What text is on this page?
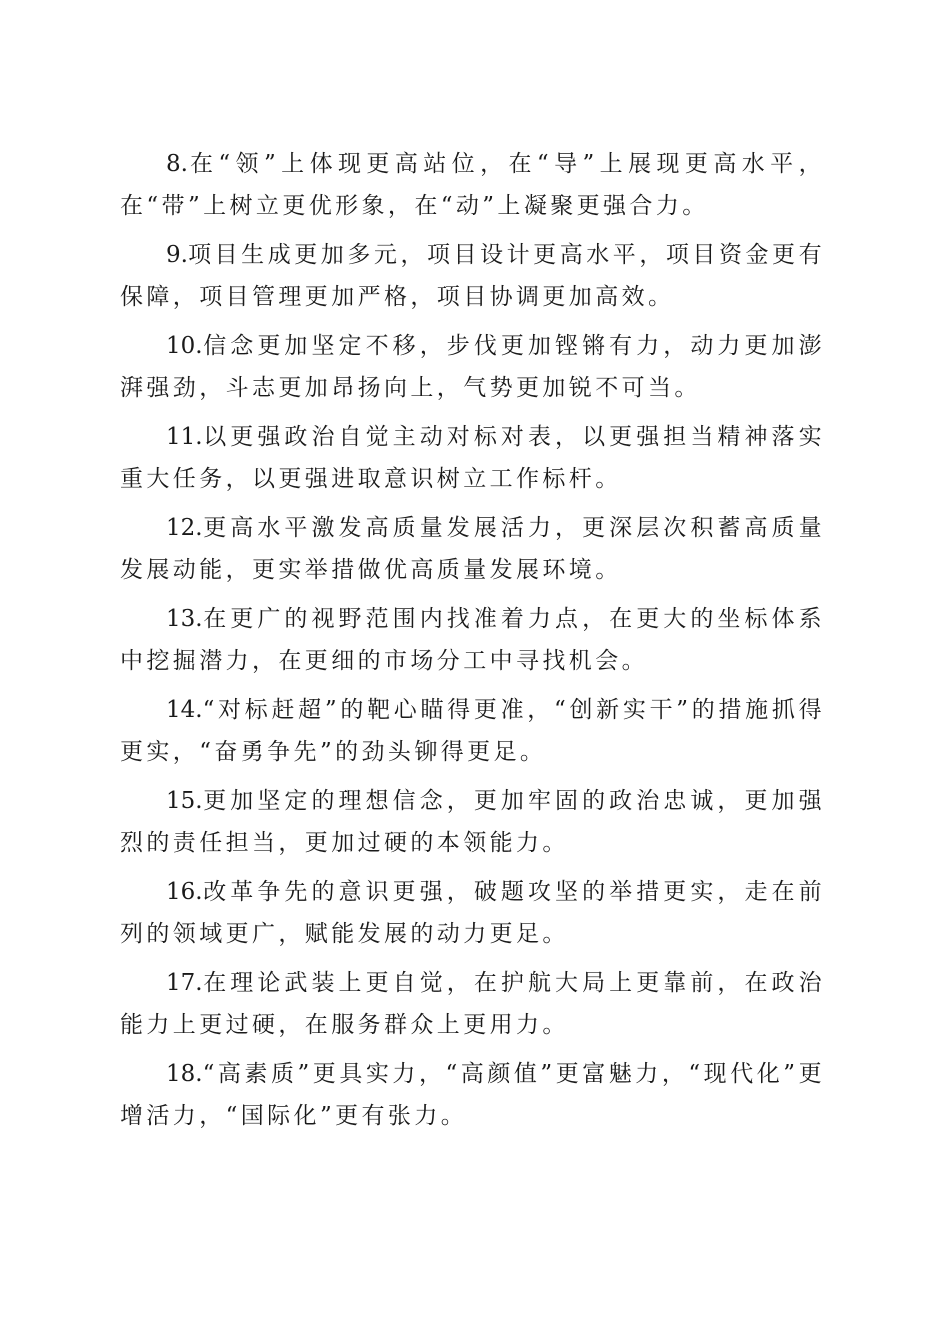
8.在“领”上体现更高站位，在“导”上展现更高水平，在“带”上树立更优形象，在“动”上凝聚更强合力。

9.项目生成更加多元，项目设计更高水平，项目资金更有保障，项目管理更加严格，项目协调更加高效。

10.信念更加坚定不移，步伐更加铿锵有力，动力更加澎湃强劲，斗志更加昂扬向上，气势更加锐不可当。

11.以更强政治自觉主动对标对表，以更强担当精神落实重大任务，以更强进取意识树立工作标杆。

12.更高水平激发高质量发展活力，更深层次积蓄高质量发展动能，更实举措做优高质量发展环境。

13.在更广的视野范围内找准着力点，在更大的坐标体系中挖掘潜力，在更细的市场分工中寻找机会。

14.“对标赶超”的靶心瞄得更准，“创新实干”的措施抓得更实，“奋勇争先”的劲头铆得更足。

15.更加坚定的理想信念，更加牢固的政治忠诚，更加强烈的责任担当，更加过硬的本领能力。

16.改革争先的意识更强，破题攻坚的举措更实，走在前列的领域更广，赋能发展的动力更足。

17.在理论武装上更自觉，在护航大局上更靠前，在政治能力上更过硬，在服务群众上更用力。

18.“高素质”更具实力，“高颜值”更富魅力，“现代化”更增活力，“国际化”更有张力。
